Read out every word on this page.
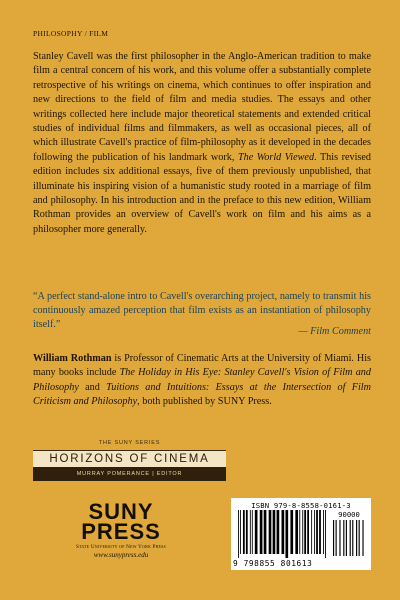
PHILOSOPHY / FILM

Stanley Cavell was the first philosopher in the Anglo-American tradition to make film a central concern of his work, and this volume offer a substantially complete retrospective of his writings on cinema, which continues to offer inspiration and new directions to the field of film and media studies. The essays and other writings collected here include major theoretical statements and extended critical studies of individual films and filmmakers, as well as occasional pieces, all of which illustrate Cavell's practice of film-philosophy as it developed in the decades following the publication of his landmark work, The World Viewed. This revised edition includes six additional essays, five of them previously unpublished, that illuminate his inspiring vision of a humanistic study rooted in a marriage of film and philosophy. In his introduction and in the preface to this new edition, William Rothman provides an overview of Cavell's work on film and his aims as a philosopher more generally.

“A perfect stand-alone intro to Cavell's overarching project, namely to transmit his continuously amazed perception that film exists as an instantiation of philosophy itself.”

— Film Comment

William Rothman is Professor of Cinematic Arts at the University of Miami. His many books include The Holiday in His Eye: Stanley Cavell's Vision of Film and Philosophy and Tuitions and Intuitions: Essays at the Intersection of Film Criticism and Philosophy, both published by SUNY Press.

THE SUNY SERIES
HORIZONS OF CINEMA
MURRAY POMERANCE | EDITOR
SUNY
PRESS
State University of New York Press
www.sunypress.edu
ISBN 979-8-8558-0161-3
90000
9 798855 801613
